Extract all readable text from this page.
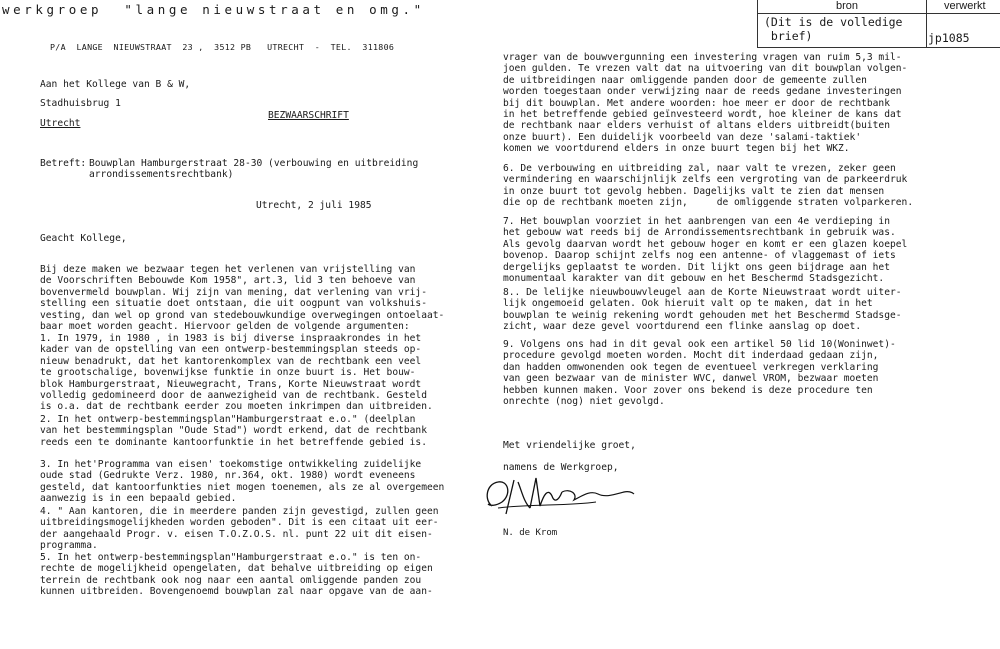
werkgroep  "lange nieuwstraat en omg."
P/A  LANGE  NIEUWSTRAAT  23 ,  3512 PB   UTRECHT  -  TEL.  311806
bron	verwerkt
(Dit is de volledige
brief)	jp1085
Aan het Kollege van B & W,
Stadhuisbrug 1
Utrecht
BEZWAARSCHRIFT
Betreft: Bouwplan Hamburgerstraat 28-30 (verbouwing en uitbreiding
arrondissementsrechtbank)
Utrecht, 2 juli 1985
Geacht Kollege,
Bij deze maken we bezwaar tegen het verlenen van vrijstelling van
de Voorschriften Bebouwde Kom 1958", art.3, lid 3 ten behoeve van
bovenvermeld bouwplan. Wij zijn van mening, dat verlening van vrij-
stelling een situatie doet ontstaan, die uit oogpunt van volkshuis-
vesting, dan wel op grond van stedebouwkundige overwegingen ontoelaat-
baar moet worden geacht. Hiervoor gelden de volgende argumenten:
1. In 1979, in 1980 , in 1983 is bij diverse inspraakrondes in het
kader van de opstelling van een ontwerp-bestemmingsplan steeds op-
nieuw benadrukt, dat het kantorenkomplex van de rechtbank een veel
te grootschalige, bovenwijkse funktie in onze buurt is. Het bouw-
blok Hamburgerstraat, Nieuwegracht, Trans, Korte Nieuwstraat wordt
volledig gedomineerd door de aanwezigheid van de rechtbank. Gesteld
is o.a. dat de rechtbank eerder zou moeten inkrimpen dan uitbreiden.
2. In het ontwerp-bestemmingsplan"Hamburgerstraat e.o." (deelplan
van het bestemmingsplan "Oude Stad") wordt erkend, dat de rechtbank
reeds een te dominante kantoorfunktie in het betreffende gebied is.
3. In het'Programma van eisen' toekomstige ontwikkeling zuidelijke
oude stad (Gedrukte Verz. 1980, nr.364, okt. 1980) wordt eveneens
gesteld, dat kantoorfunkties niet mogen toenemen, als ze al overgemeen
aanwezig is in een bepaald gebied.
4. " Aan kantoren, die in meerdere panden zijn gevestigd, zullen geen
uitbreidingsmogelijkheden worden geboden". Dit is een citaat uit eer-
der aangehaald Progr. v. eisen T.O.Z.O.S. nl. punt 22 uit dit eisen-
programma.
5. In het ontwerp-bestemmingsplan"Hamburgerstraat e.o." is ten on-
rechte de mogelijkheid opengelaten, dat behalve uitbreiding op eigen
terrein de rechtbank ook nog naar een aantal omliggende panden zou
kunnen uitbreiden. Bovengenoemd bouwplan zal naar opgave van de aan-
vrager van de bouwvergunning een investering vragen van ruim 5,3 mil-
joen gulden. Te vrezen valt dat na uitvoering van dit bouwplan volgen-
de uitbreidingen naar omliggende panden door de gemeente zullen
worden toegestaan onder verwijzing naar de reeds gedane investeringen
bij dit bouwplan. Met andere woorden: hoe meer er door de rechtbank
in het betreffende gebied geïnvesteerd wordt, hoe kleiner de kans dat
de rechtbank naar elders verhuist of altans elders uitbreidt(buiten
onze buurt). Een duidelijk voorbeeld van deze 'salami-taktiek'
komen we voortdurend elders in onze buurt tegen bij het WKZ.
6. De verbouwing en uitbreiding zal, naar valt te vrezen, zeker geen
vermindering en waarschijnlijk zelfs een vergroting van de parkeerdruk
in onze buurt tot gevolg hebben. Dagelijks valt te zien dat mensen
die op de rechtbank moeten zijn,     de omliggende straten volparkeren.
7. Het bouwplan voorziet in het aanbrengen van een 4e verdieping in
het gebouw wat reeds bij de Arrondissementsrechtbank in gebruik was.
Als gevolg daarvan wordt het gebouw hoger en komt er een glazen koepel
bovenop. Daarop schijnt zelfs nog een antenne- of vlaggemast of iets
dergelijks geplaatst te worden. Dit lijkt ons geen bijdrage aan het
monumentaal karakter van dit gebouw en het Beschermd Stadsgezicht.
8.. De lelijke nieuwbouwvleugel aan de Korte Nieuwstraat wordt uiter-
lijk ongemoeid gelaten. Ook hieruit valt op te maken, dat in het
bouwplan te weinig rekening wordt gehouden met het Beschermd Stadsge-
zicht, waar deze gevel voortdurend een flinke aanslag op doet.
9. Volgens ons had in dit geval ook een artikel 50 lid 10(Woninwet)-
procedure gevolgd moeten worden. Mocht dit inderdaad gedaan zijn,
dan hadden omwonenden ook tegen de eventueel verkregen verklaring
van geen bezwaar van de minister WVC, danwel VROM, bezwaar moeten
hebben kunnen maken. Voor zover ons bekend is deze procedure ten
onrechte (nog) niet gevolgd.
Met vriendelijke groet,
namens de Werkgroep,
N. de Krom
